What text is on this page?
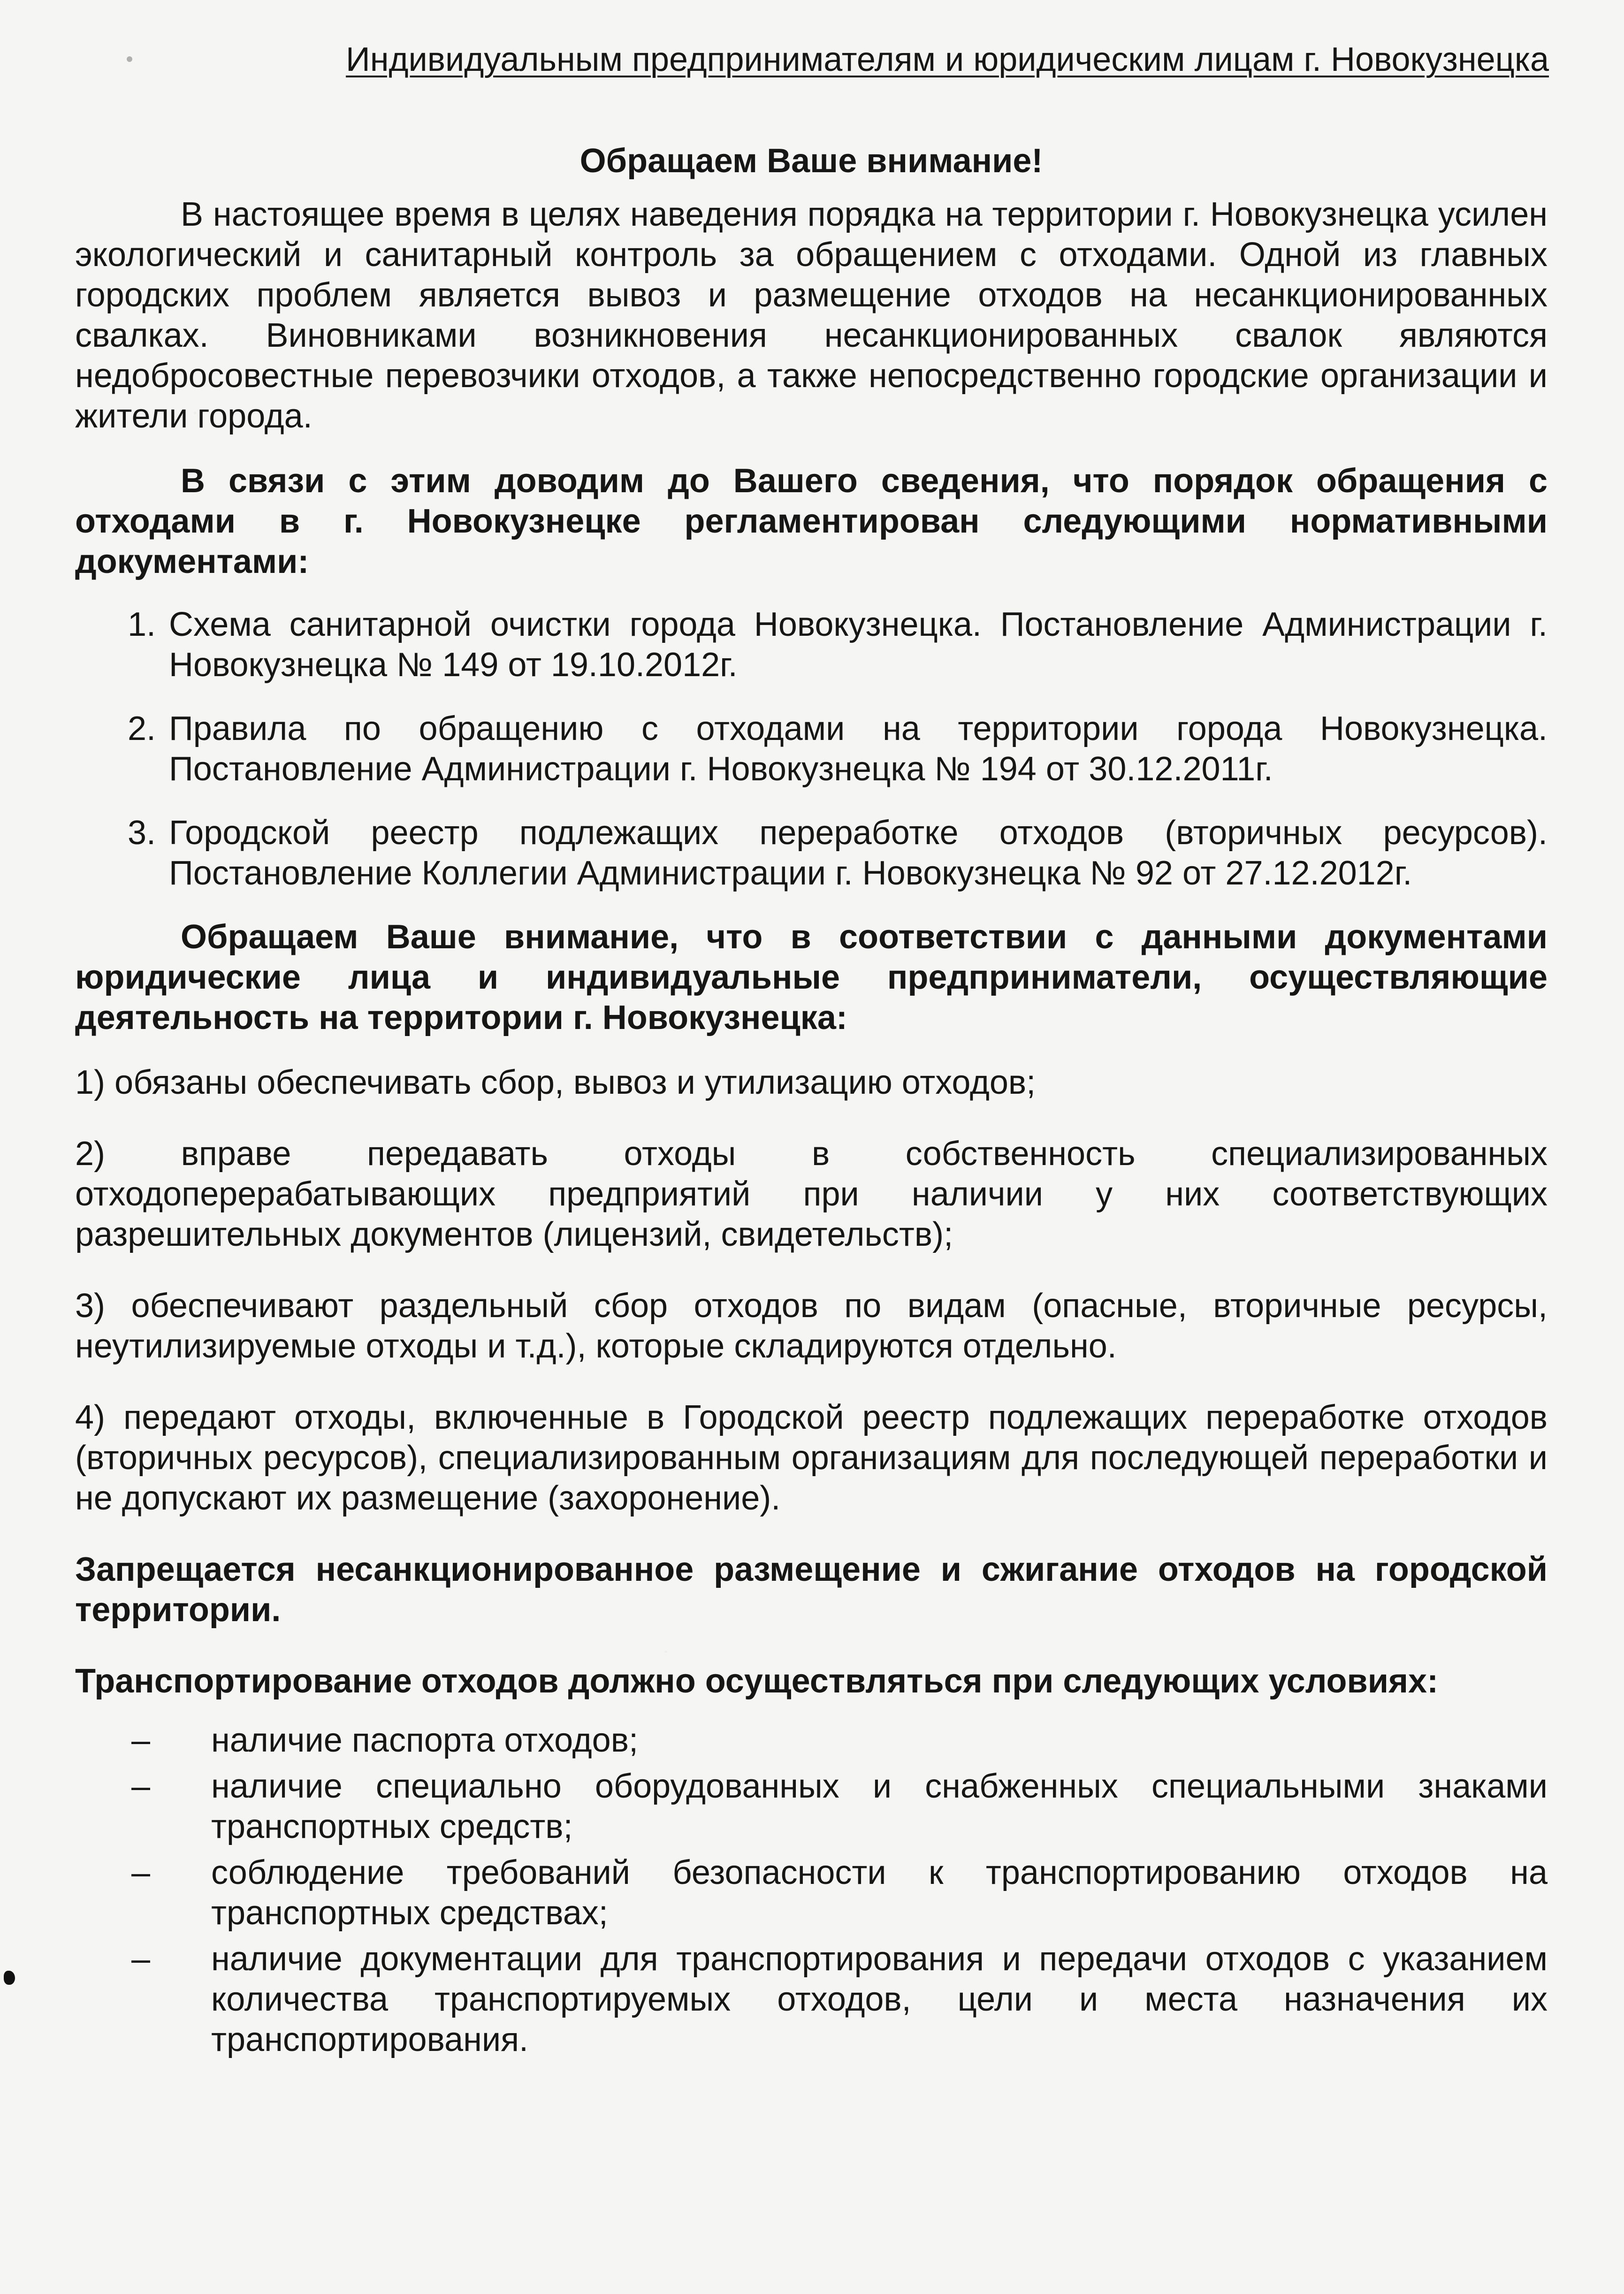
Индивидуальным предпринимателям и юридическим лицам г. Новокузнецка
Обращаем Ваше внимание!

В настоящее время в целях наведения порядка на территории г. Новокузнецка усилен экологический и санитарный контроль за обращением с отходами. Одной из главных городских проблем является вывоз и размещение отходов на несанкционированных свалках. Виновниками возникновения несанкционированных свалок являются недобросовестные перевозчики отходов, а также непосредственно городские организации и жители города.

В связи с этим доводим до Вашего сведения, что порядок обращения с отходами в г. Новокузнецке регламентирован следующими нормативными документами:

1. Схема санитарной очистки города Новокузнецка. Постановление Администрации г. Новокузнецка № 149 от 19.10.2012г.
2. Правила по обращению с отходами на территории города Новокузнецка. Постановление Администрации г. Новокузнецка № 194 от 30.12.2011г.
3. Городской реестр подлежащих переработке отходов (вторичных ресурсов). Постановление Коллегии Администрации г. Новокузнецка № 92 от 27.12.2012г.

Обращаем Ваше внимание, что в соответствии с данными документами юридические лица и индивидуальные предприниматели, осуществляющие деятельность на территории г. Новокузнецка:

1) обязаны обеспечивать сбор, вывоз и утилизацию отходов;

2) вправе передавать отходы в собственность специализированных отходоперерабатывающих предприятий при наличии у них соответствующих разрешительных документов (лицензий, свидетельств);

3) обеспечивают раздельный сбор отходов по видам (опасные, вторичные ресурсы, неутилизируемые отходы и т.д.), которые складируются отдельно.

4) передают отходы, включенные в Городской реестр подлежащих переработке отходов (вторичных ресурсов), специализированным организациям для последующей переработки и не допускают их размещение (захоронение).

Запрещается несанкционированное размещение и сжигание отходов на городской территории.

Транспортирование отходов должно осуществляться при следующих условиях:

–	наличие паспорта отходов;
–	наличие специально оборудованных и снабженных специальными знаками транспортных средств;
–	соблюдение требований безопасности к транспортированию отходов на транспортных средствах;
–	наличие документации для транспортирования и передачи отходов с указанием количества транспортируемых отходов, цели и места назначения их транспортирования.
